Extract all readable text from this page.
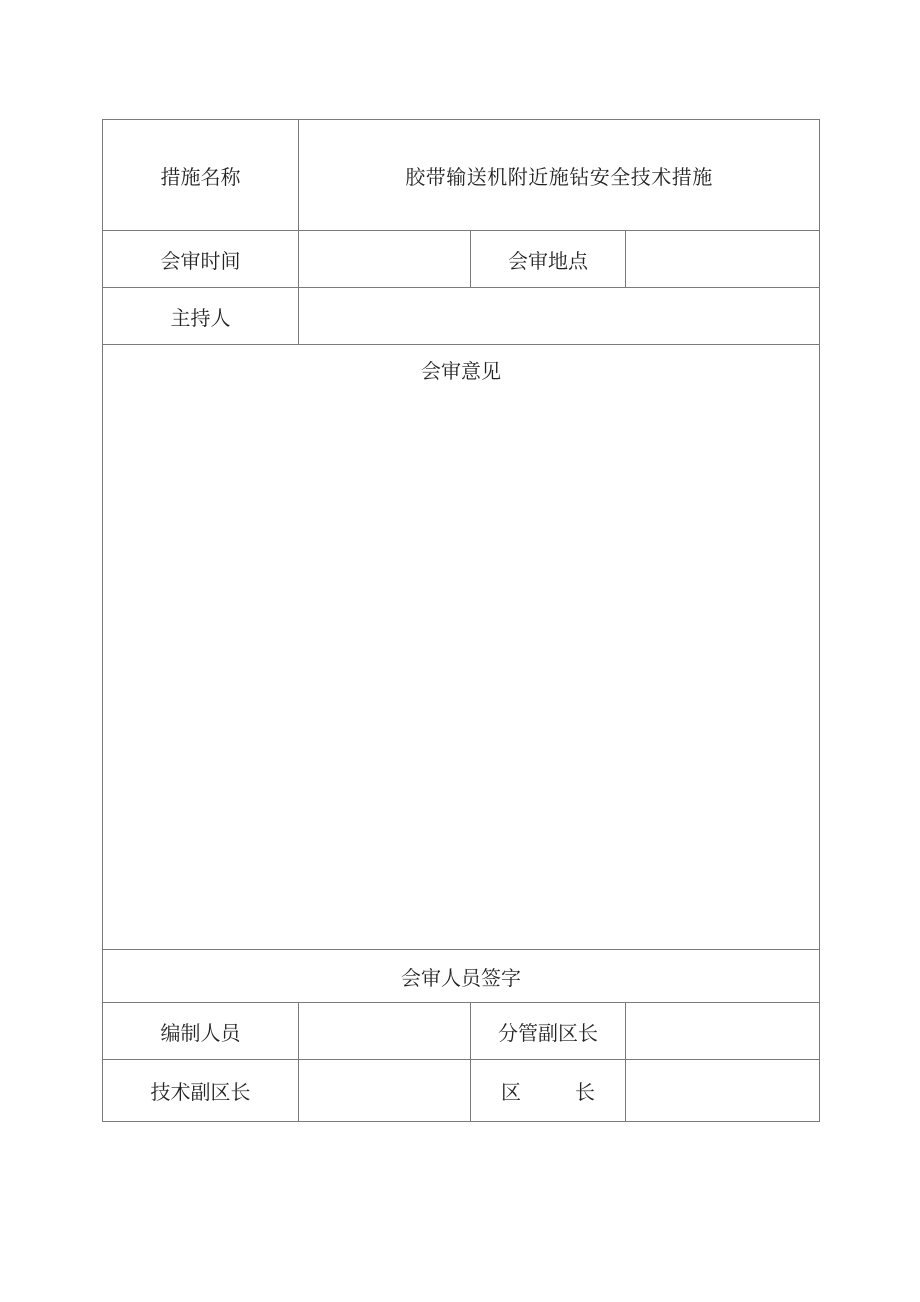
措施名称	胶带输送机附近施钻安全技术措施		
会审时间		会审地点	
主持人			

会审意见			

会审人员签字			
编制人员		分管副区长	
技术副区长		区 长	
